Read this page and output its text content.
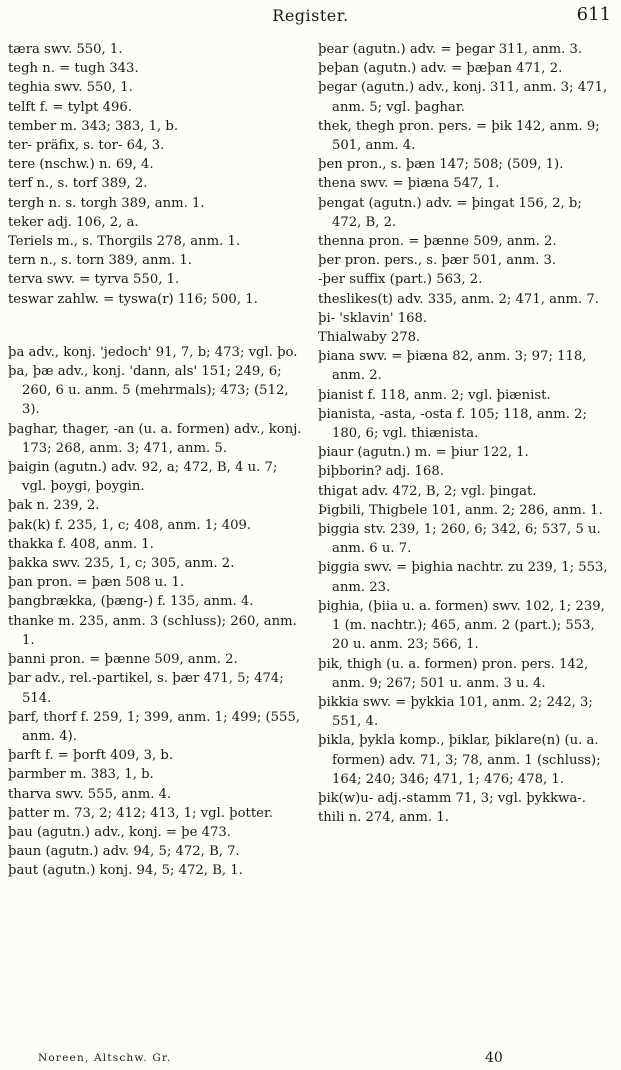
Register.	611
tæra swv. 550, 1.
tegh n. = tugh 343.
teghia swv. 550, 1.
telft f. = tylpt 496.
tember m. 343; 383, 1, b.
ter- präfix, s. tor- 64, 3.
tere (nschw.) n. 69, 4.
terf n., s. torf 389, 2.
tergh n. s. torgh 389, anm. 1.
teker adj. 106, 2, a.
Teriels m., s. Thorgils 278, anm. 1.
tern n., s. torn 389, anm. 1.
terva swv. = tyrva 550, 1.
teswar zahlw. = tyswa(r) 116; 500, 1.
þa adv., konj. 'jedoch' 91, 7, b; 473; vgl. þo.
þa, þæ adv., konj. 'dann, als' 151; 249, 6; 260, 6 u. anm. 5 (mehrmals); 473; (512, 3).
þaghar, thager, -an (u. a. formen) adv., konj. 173; 268, anm. 3; 471, anm. 5.
þaigin (agutn.) adv. 92, a; 472, B, 4 u. 7; vgl. þoygi, þoygin.
þak n. 239, 2.
þak(k) f. 235, 1, c; 408, anm. 1; 409.
thakka f. 408, anm. 1.
þakka swv. 235, 1, c; 305, anm. 2.
þan pron. = þæn 508 u. 1.
þangbrækka, (þæng-) f. 135, anm. 4.
thanke m. 235, anm. 3 (schluss); 260, anm. 1.
þanni pron. = þænne 509, anm. 2.
þar adv., rel.-partikel, s. þær 471, 5; 474; 514.
þarf, thorf f. 259, 1; 399, anm. 1; 499; (555, anm. 4).
þarft f. = þorft 409, 3, b.
þarmber m. 383, 1, b.
tharva swv. 555, anm. 4.
þatter m. 73, 2; 412; 413, 1; vgl. þotter.
þau (agutn.) adv., konj. = þe 473.
þaun (agutn.) adv. 94, 5; 472, B, 7.
þaut (agutn.) konj. 94, 5; 472, B, 1.
þear (agutn.) adv. = þegar 311, anm. 3.
þeþan (agutn.) adv. = þæþan 471, 2.
þegar (agutn.) adv., konj. 311, anm. 3; 471, anm. 5; vgl. þaghar.
thek, thegh pron. pers. = þik 142, anm. 9; 501, anm. 4.
þen pron., s. þæn 147; 508; (509, 1).
thena swv. = þiæna 547, 1.
þengat (agutn.) adv. = þingat 156, 2, b; 472, B, 2.
thenna pron. = þænne 509, anm. 2.
þer pron. pers., s. þær 501, anm. 3.
-þer suffix (part.) 563, 2.
theslikes(t) adv. 335, anm. 2; 471, anm. 7.
þi- 'sklavin' 168.
Thialwaby 278.
þiana swv. = þiæna 82, anm. 3; 97; 118, anm. 2.
þianist f. 118, anm. 2; vgl. þiænist.
þianista, -asta, -osta f. 105; 118, anm. 2; 180, 6; vgl. thiænista.
þiaur (agutn.) m. = þiur 122, 1.
þiþborin? adj. 168.
thigat adv. 472, B, 2; vgl. þingat.
Þigbili, Thigbele 101, anm. 2; 286, anm. 1.
þiggia stv. 239, 1; 260, 6; 342, 6; 537, 5 u. anm. 6 u. 7.
þiggia swv. = þighia nachtr. zu 239, 1; 553, anm. 23.
þighia, (þiia u. a. formen) swv. 102, 1; 239, 1 (m. nachtr.); 465, anm. 2 (part.); 553, 20 u. anm. 23; 566, 1.
þik, thigh (u. a. formen) pron. pers. 142, anm. 9; 267; 501 u. anm. 3 u. 4.
þikkia swv. = þykkia 101, anm. 2; 242, 3; 551, 4.
þikla, þykla komp., þiklar, þiklare(n) (u. a. formen) adv. 71, 3; 78, anm. 1 (schluss); 164; 240; 346; 471, 1; 476; 478, 1.
þik(w)u- adj.-stamm 71, 3; vgl. þykkwa-.
thili n. 274, anm. 1.
Noreen, Altschw. Gr.	40
